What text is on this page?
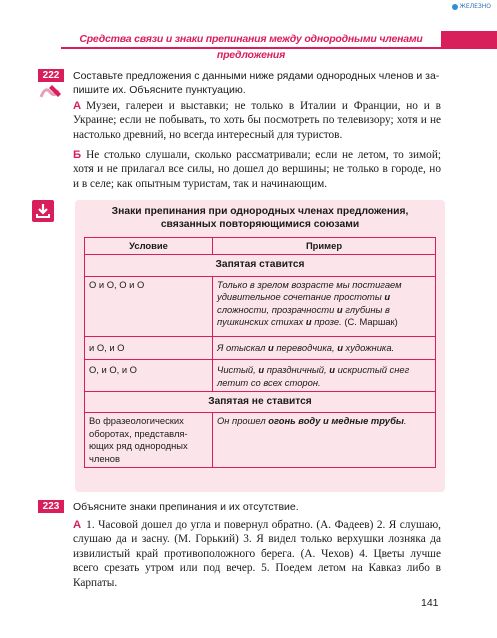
ЖЕЛЕЗНО
Средства связи и знаки препинания между однородными членами предложения
222	Составьте предложения с данными ниже рядами однородных членов и за-
пишите их. Объясните пунктуацию.
А Музеи, галереи и выставки; не только в Италии и Франции, но и в Украине; если не побывать, то хоть бы посмотреть по телевизору; хотя и не настолько древний, но всегда интересный для туристов.
Б Не столько слушали, сколько рассматривали; если не летом, то зимой; хотя и не прилагал все силы, но дошел до вершины; не только в городе, но и в селе; как опытным туристам, так и начинающим.
Знаки препинания при однородных членах предложения,
связанных повторяющимися союзами
Условие	Пример
Запятая ставится	
О и О, О и О	Только в зрелом возрасте мы постигаем удивительное сочетание простоты и сложности, прозрачности и глубины в пушкинских стихах и прозе. (С. Маршак)
и О, и О	Я отыскал и переводчика, и художника.
О, и О, и О	Чистый, и праздничный, и искристый снег летит со всех сторон.
Запятая не ставится	
Во фразеологических оборотах, представляющих ряд однородных членов	Он прошел огонь воду и медные трубы.
223	Объясните знаки препинания и их отсутствие.
А 1. Часовой дошел до угла и повернул обратно. (А. Фадеев) 2. Я слушаю, слушаю да и засну. (М. Горький) 3. Я видел только верхушки лозняка да извилистый край противоположного берега. (А. Чехов) 4. Цветы лучше всего срезать утром или под вечер. 5. Поедем летом на Кавказ либо в Карпаты.
141
